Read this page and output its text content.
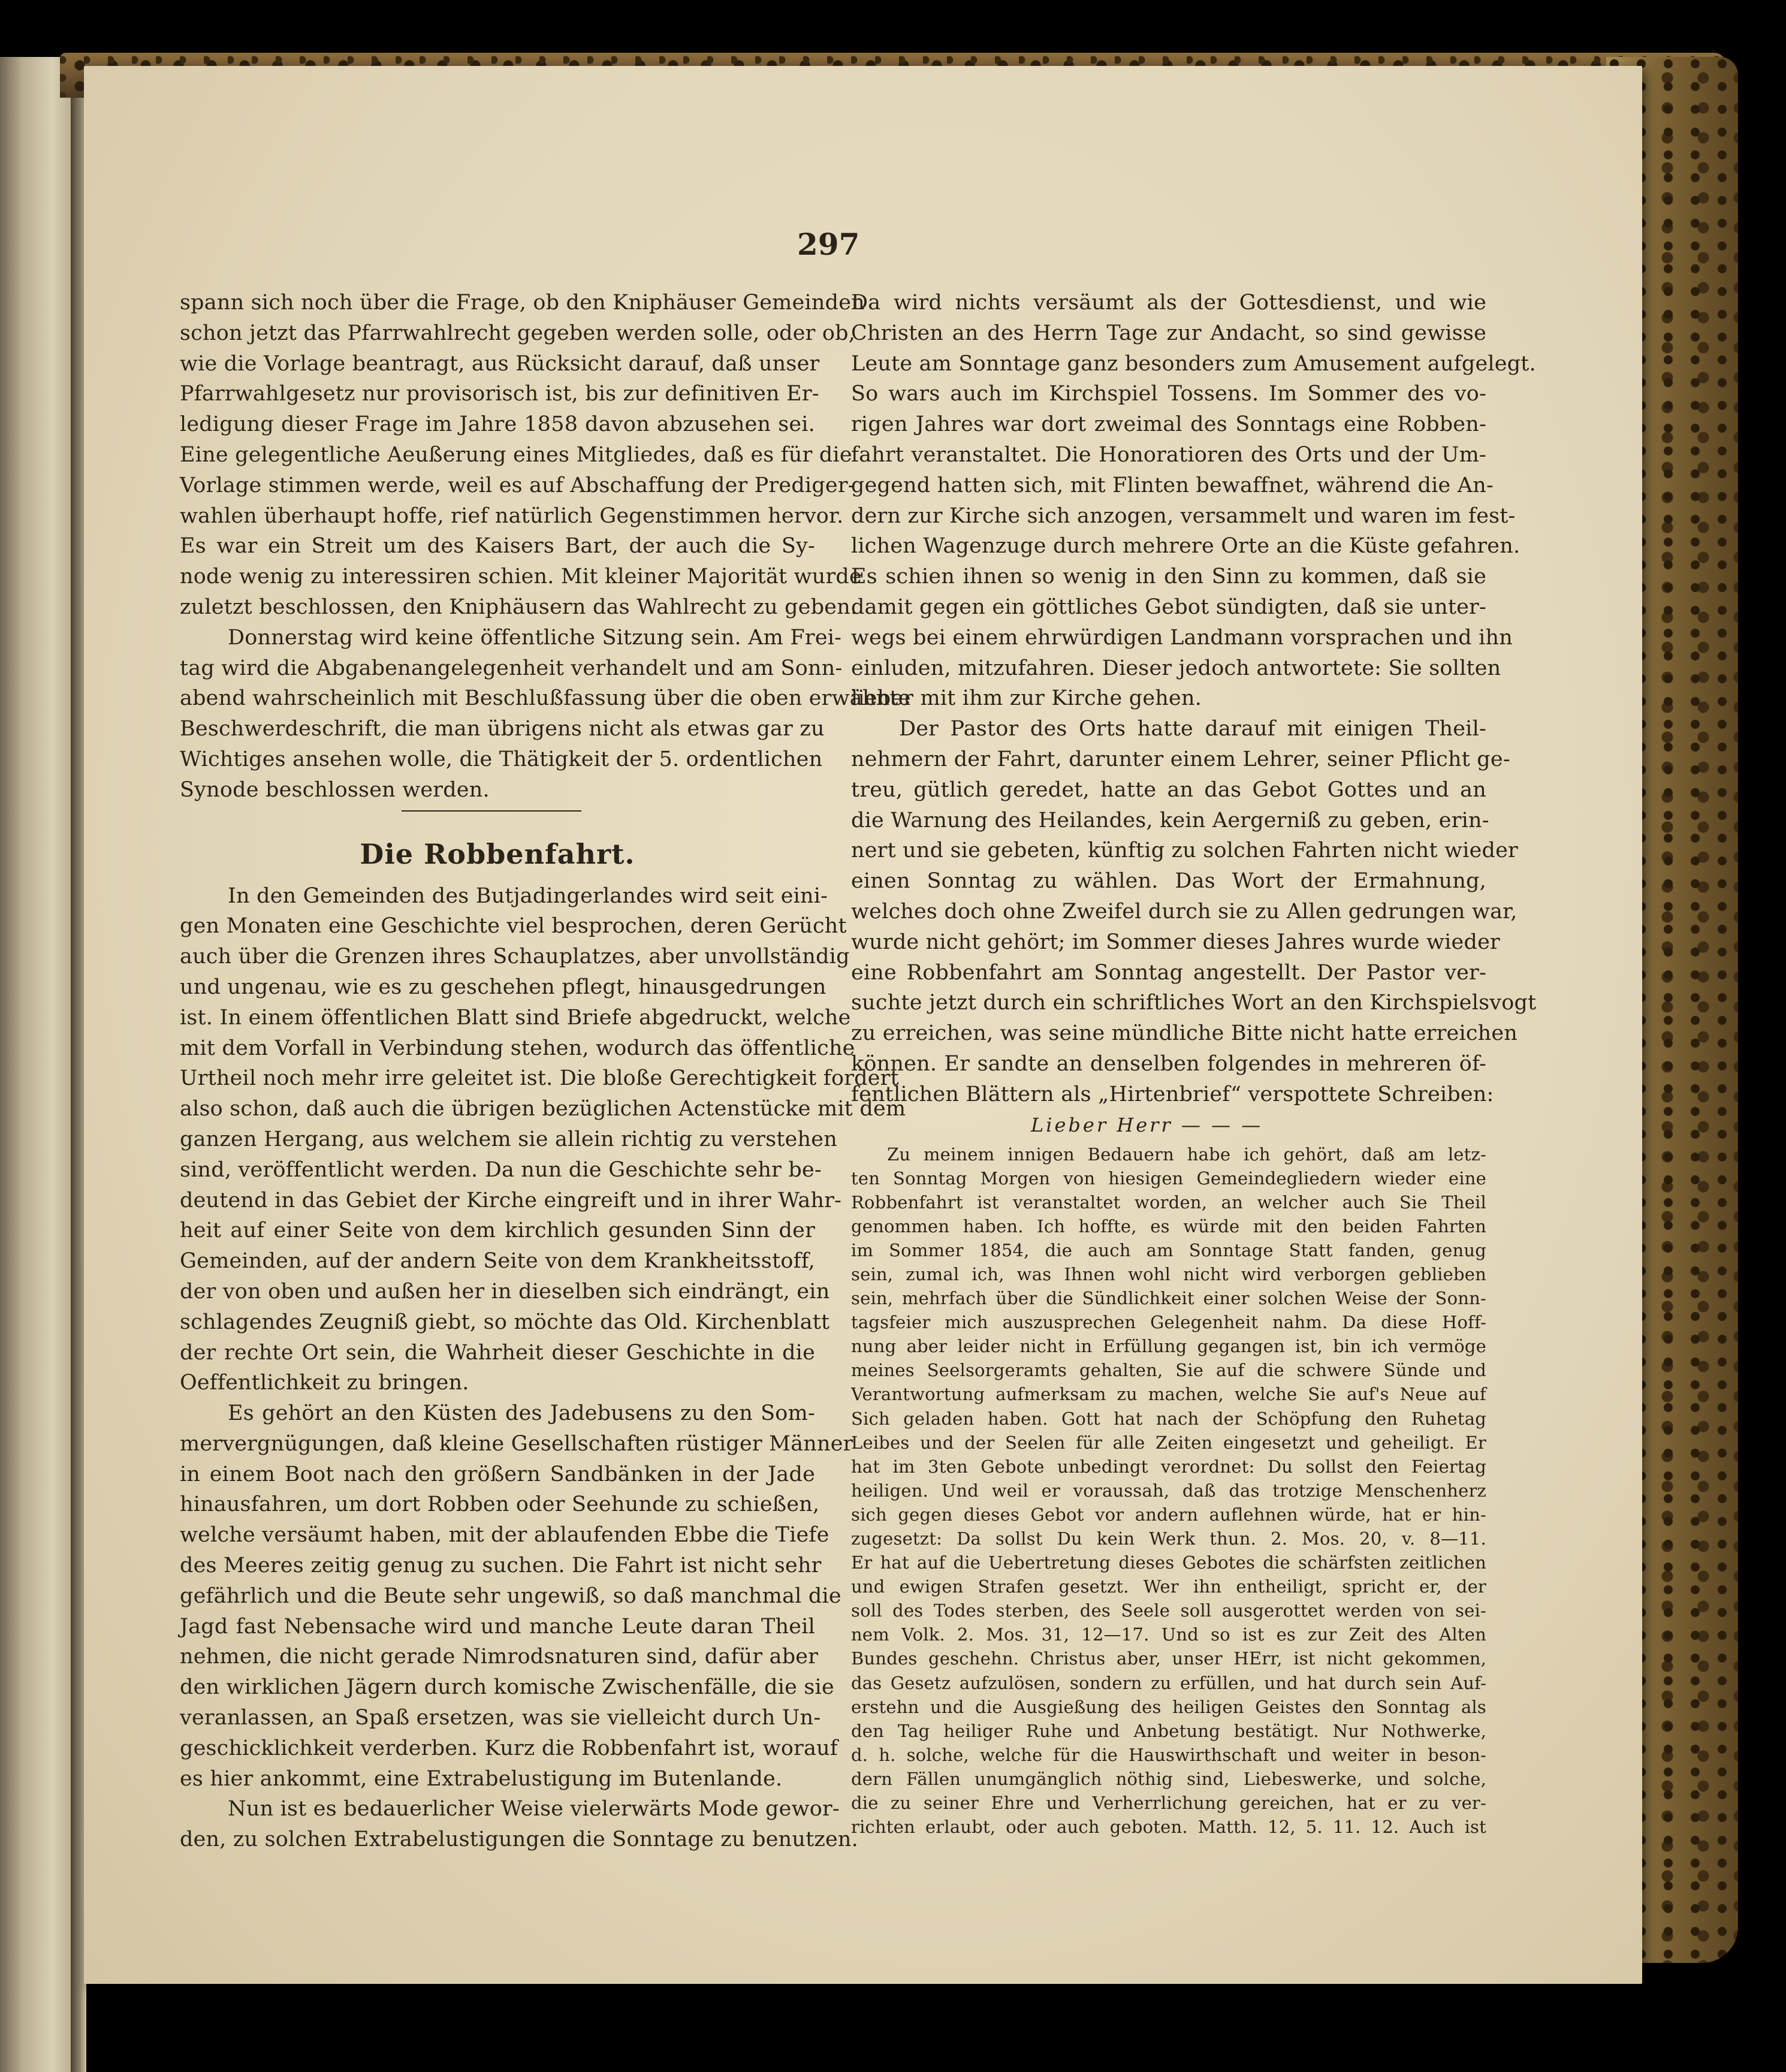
297
spann sich noch über die Frage, ob den Kniphäuser Gemeinden
schon jetzt das Pfarrwahlrecht gegeben werden solle, oder ob,
wie die Vorlage beantragt, aus Rücksicht darauf, daß unser
Pfarrwahlgesetz nur provisorisch ist, bis zur definitiven Er-
ledigung dieser Frage im Jahre 1858 davon abzusehen sei.
Eine gelegentliche Aeußerung eines Mitgliedes, daß es für die
Vorlage stimmen werde, weil es auf Abschaffung der Prediger-
wahlen überhaupt hoffe, rief natürlich Gegenstimmen hervor.
Es war ein Streit um des Kaisers Bart, der auch die Sy-
node wenig zu interessiren schien. Mit kleiner Majorität wurde
zuletzt beschlossen, den Kniphäusern das Wahlrecht zu geben.
Donnerstag wird keine öffentliche Sitzung sein. Am Frei-
tag wird die Abgabenangelegenheit verhandelt und am Sonn-
abend wahrscheinlich mit Beschlußfassung über die oben erwähnte
Beschwerdeschrift, die man übrigens nicht als etwas gar zu
Wichtiges ansehen wolle, die Thätigkeit der 5. ordentlichen
Synode beschlossen werden.
Die Robbenfahrt.
In den Gemeinden des Butjadingerlandes wird seit eini-
gen Monaten eine Geschichte viel besprochen, deren Gerücht
auch über die Grenzen ihres Schauplatzes, aber unvollständig
und ungenau, wie es zu geschehen pflegt, hinausgedrungen
ist. In einem öffentlichen Blatt sind Briefe abgedruckt, welche
mit dem Vorfall in Verbindung stehen, wodurch das öffentliche
Urtheil noch mehr irre geleitet ist. Die bloße Gerechtigkeit fordert
also schon, daß auch die übrigen bezüglichen Actenstücke mit dem
ganzen Hergang, aus welchem sie allein richtig zu verstehen
sind, veröffentlicht werden. Da nun die Geschichte sehr be-
deutend in das Gebiet der Kirche eingreift und in ihrer Wahr-
heit auf einer Seite von dem kirchlich gesunden Sinn der
Gemeinden, auf der andern Seite von dem Krankheitsstoff,
der von oben und außen her in dieselben sich eindrängt, ein
schlagendes Zeugniß giebt, so möchte das Old. Kirchenblatt
der rechte Ort sein, die Wahrheit dieser Geschichte in die
Oeffentlichkeit zu bringen.
Es gehört an den Küsten des Jadebusens zu den Som-
mervergnügungen, daß kleine Gesellschaften rüstiger Männer
in einem Boot nach den größern Sandbänken in der Jade
hinausfahren, um dort Robben oder Seehunde zu schießen,
welche versäumt haben, mit der ablaufenden Ebbe die Tiefe
des Meeres zeitig genug zu suchen. Die Fahrt ist nicht sehr
gefährlich und die Beute sehr ungewiß, so daß manchmal die
Jagd fast Nebensache wird und manche Leute daran Theil
nehmen, die nicht gerade Nimrodsnaturen sind, dafür aber
den wirklichen Jägern durch komische Zwischenfälle, die sie
veranlassen, an Spaß ersetzen, was sie vielleicht durch Un-
geschicklichkeit verderben. Kurz die Robbenfahrt ist, worauf
es hier ankommt, eine Extrabelustigung im Butenlande.
Nun ist es bedauerlicher Weise vielerwärts Mode gewor-
den, zu solchen Extrabelustigungen die Sonntage zu benutzen.
Da wird nichts versäumt als der Gottesdienst, und wie
Christen an des Herrn Tage zur Andacht, so sind gewisse
Leute am Sonntage ganz besonders zum Amusement aufgelegt.
So wars auch im Kirchspiel Tossens. Im Sommer des vo-
rigen Jahres war dort zweimal des Sonntags eine Robben-
fahrt veranstaltet. Die Honoratioren des Orts und der Um-
gegend hatten sich, mit Flinten bewaffnet, während die An-
dern zur Kirche sich anzogen, versammelt und waren im fest-
lichen Wagenzuge durch mehrere Orte an die Küste gefahren.
Es schien ihnen so wenig in den Sinn zu kommen, daß sie
damit gegen ein göttliches Gebot sündigten, daß sie unter-
wegs bei einem ehrwürdigen Landmann vorsprachen und ihn
einluden, mitzufahren. Dieser jedoch antwortete: Sie sollten
lieber mit ihm zur Kirche gehen.
Der Pastor des Orts hatte darauf mit einigen Theil-
nehmern der Fahrt, darunter einem Lehrer, seiner Pflicht ge-
treu, gütlich geredet, hatte an das Gebot Gottes und an
die Warnung des Heilandes, kein Aergerniß zu geben, erin-
nert und sie gebeten, künftig zu solchen Fahrten nicht wieder
einen Sonntag zu wählen. Das Wort der Ermahnung,
welches doch ohne Zweifel durch sie zu Allen gedrungen war,
wurde nicht gehört; im Sommer dieses Jahres wurde wieder
eine Robbenfahrt am Sonntag angestellt. Der Pastor ver-
suchte jetzt durch ein schriftliches Wort an den Kirchspielsvogt
zu erreichen, was seine mündliche Bitte nicht hatte erreichen
können. Er sandte an denselben folgendes in mehreren öf-
fentlichen Blättern als „Hirtenbrief“ verspottete Schreiben:
Lieber Herr — — —
Zu meinem innigen Bedauern habe ich gehört, daß am letz-
ten Sonntag Morgen von hiesigen Gemeindegliedern wieder eine
Robbenfahrt ist veranstaltet worden, an welcher auch Sie Theil
genommen haben. Ich hoffte, es würde mit den beiden Fahrten
im Sommer 1854, die auch am Sonntage Statt fanden, genug
sein, zumal ich, was Ihnen wohl nicht wird verborgen geblieben
sein, mehrfach über die Sündlichkeit einer solchen Weise der Sonn-
tagsfeier mich auszusprechen Gelegenheit nahm. Da diese Hoff-
nung aber leider nicht in Erfüllung gegangen ist, bin ich vermöge
meines Seelsorgeramts gehalten, Sie auf die schwere Sünde und
Verantwortung aufmerksam zu machen, welche Sie auf's Neue auf
Sich geladen haben. Gott hat nach der Schöpfung den Ruhetag
Leibes und der Seelen für alle Zeiten eingesetzt und geheiligt. Er
hat im 3ten Gebote unbedingt verordnet: Du sollst den Feiertag
heiligen. Und weil er voraussah, daß das trotzige Menschenherz
sich gegen dieses Gebot vor andern auflehnen würde, hat er hin-
zugesetzt: Da sollst Du kein Werk thun. 2. Mos. 20, v. 8—11.
Er hat auf die Uebertretung dieses Gebotes die schärfsten zeitlichen
und ewigen Strafen gesetzt. Wer ihn entheiligt, spricht er, der
soll des Todes sterben, des Seele soll ausgerottet werden von sei-
nem Volk. 2. Mos. 31, 12—17. Und so ist es zur Zeit des Alten
Bundes geschehn. Christus aber, unser HErr, ist nicht gekommen,
das Gesetz aufzulösen, sondern zu erfüllen, und hat durch sein Auf-
erstehn und die Ausgießung des heiligen Geistes den Sonntag als
den Tag heiliger Ruhe und Anbetung bestätigt. Nur Nothwerke,
d. h. solche, welche für die Hauswirthschaft und weiter in beson-
dern Fällen unumgänglich nöthig sind, Liebeswerke, und solche,
die zu seiner Ehre und Verherrlichung gereichen, hat er zu ver-
richten erlaubt, oder auch geboten. Matth. 12, 5. 11. 12. Auch ist
